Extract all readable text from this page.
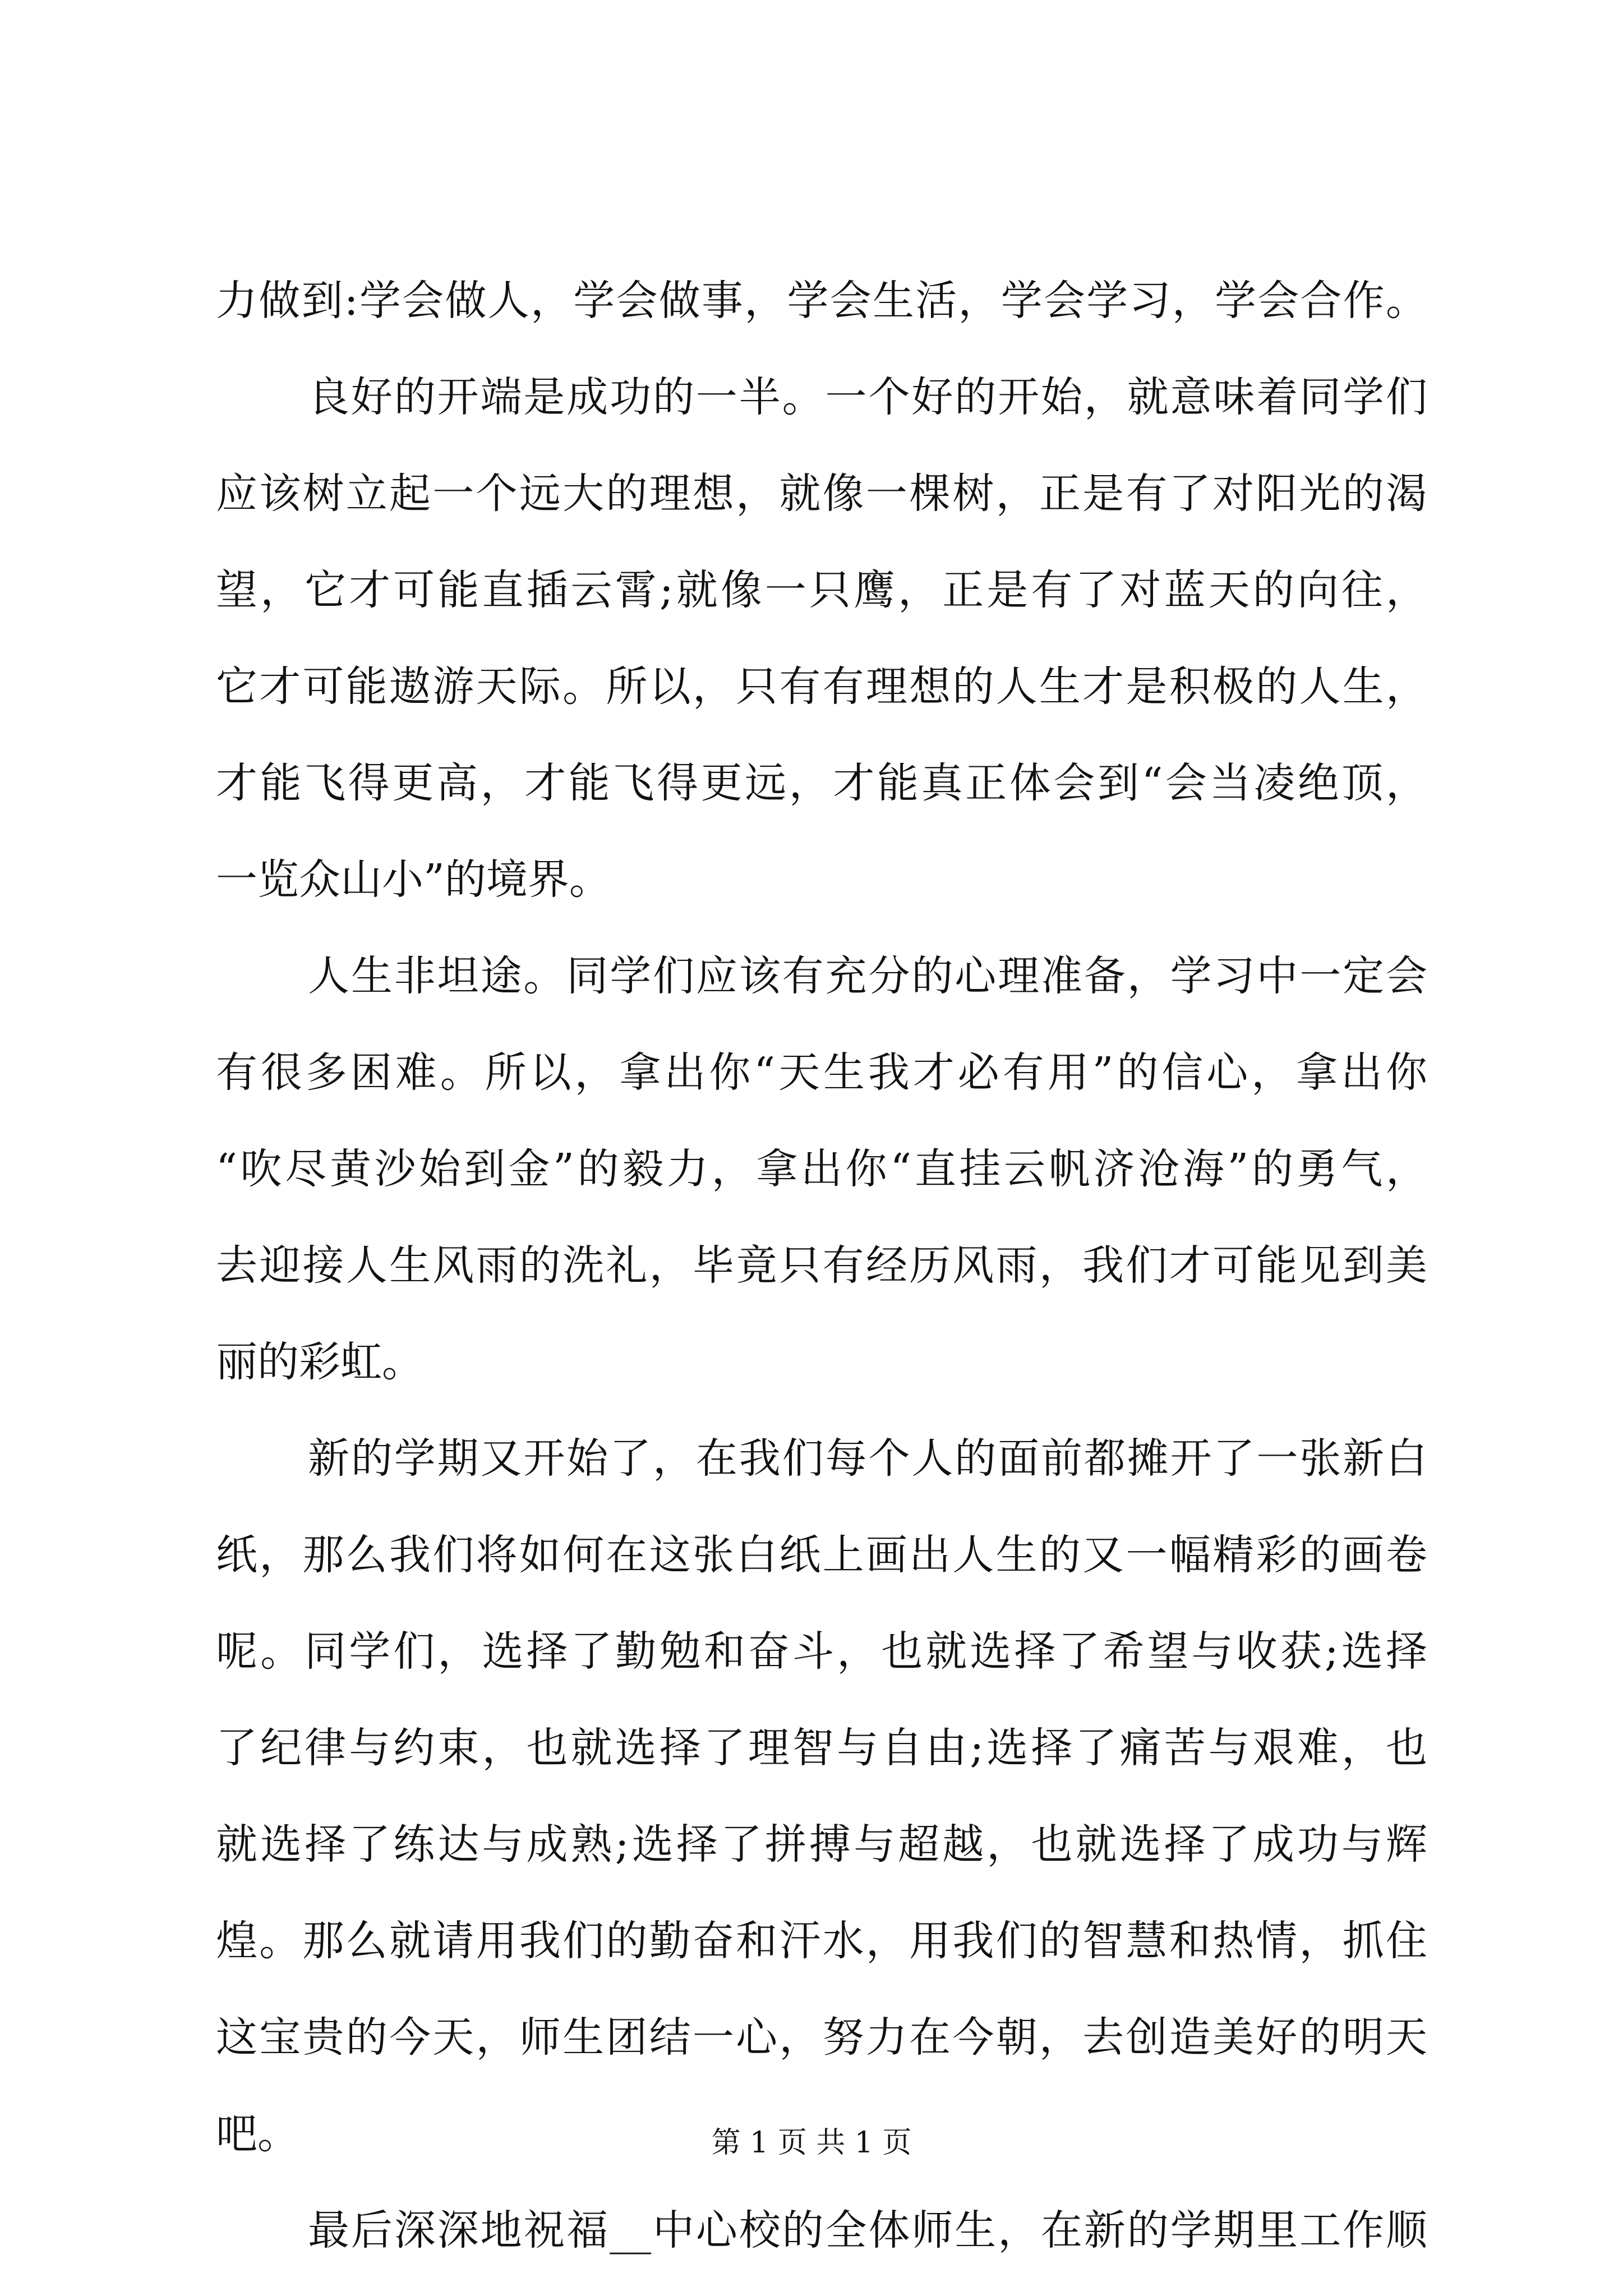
力做到:学会做人，学会做事，学会生活，学会学习，学会合作。
良好的开端是成功的一半。一个好的开始，就意味着同学们
应该树立起一个远大的理想，就像一棵树，正是有了对阳光的渴
望，它才可能直插云霄;就像一只鹰，正是有了对蓝天的向往，
它才可能遨游天际。所以，只有有理想的人生才是积极的人生，
才能飞得更高，才能飞得更远，才能真正体会到“会当凌绝顶，
一览众山小”的境界。
人生非坦途。同学们应该有充分的心理准备，学习中一定会
有很多困难。所以，拿出你“天生我才必有用”的信心，拿出你
“吹尽黄沙始到金”的毅力，拿出你“直挂云帆济沧海”的勇气，
去迎接人生风雨的洗礼，毕竟只有经历风雨，我们才可能见到美
丽的彩虹。
新的学期又开始了，在我们每个人的面前都摊开了一张新白
纸，那么我们将如何在这张白纸上画出人生的又一幅精彩的画卷
呢。同学们，选择了勤勉和奋斗，也就选择了希望与收获;选择
了纪律与约束，也就选择了理智与自由;选择了痛苦与艰难，也
就选择了练达与成熟;选择了拼搏与超越，也就选择了成功与辉
煌。那么就请用我们的勤奋和汗水，用我们的智慧和热情，抓住
这宝贵的今天，师生团结一心，努力在今朝，去创造美好的明天
吧。
最后深深地祝福__中心校的全体师生，在新的学期里工作顺
第 1 页 共 1 页
